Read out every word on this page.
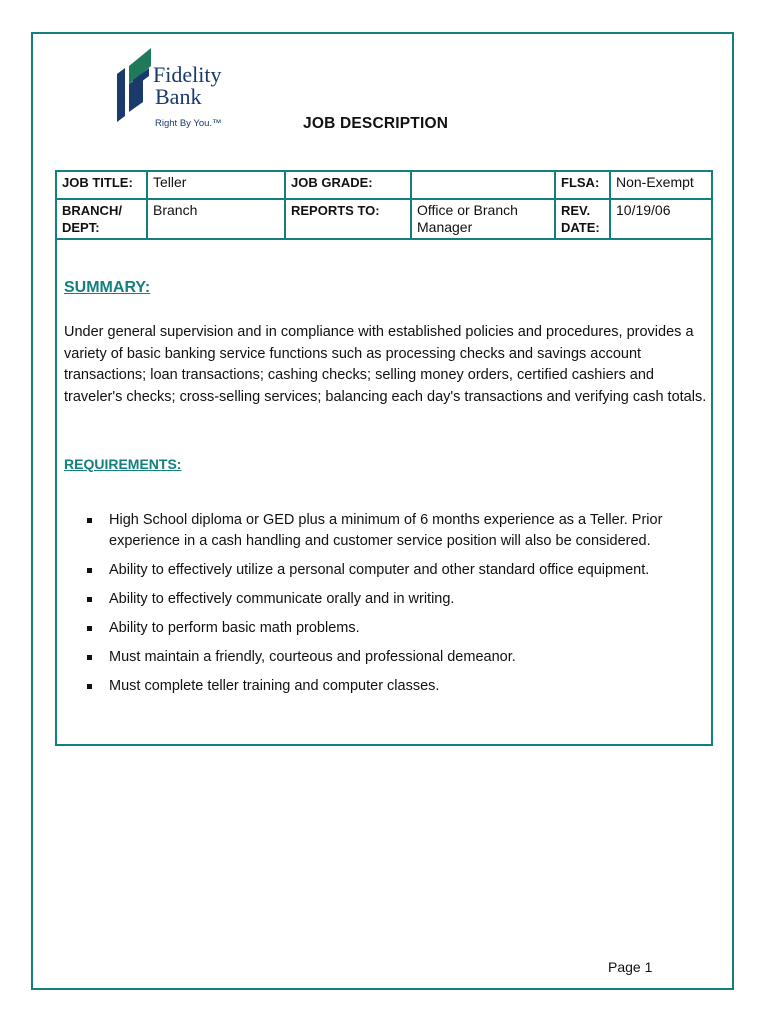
Fidelity
Bank
Right By You.™	JOB DESCRIPTION
JOB TITLE:	Teller	JOB GRADE:		FLSA:	Non-Exempt
BRANCH/ DEPT:	Branch	REPORTS TO:	Office or Branch Manager	REV. DATE:	10/19/06
SUMMARY:
Under general supervision and in compliance with established policies and procedures, provides a variety of basic banking service functions such as processing checks and savings account transactions; loan transactions; cashing checks; selling money orders, certified cashiers and traveler's checks; cross-selling services; balancing each day's transactions and verifying cash totals.
REQUIREMENTS:
High School diploma or GED plus a minimum of 6 months experience as a Teller. Prior experience in a cash handling and customer service position will also be considered.
Ability to effectively utilize a personal computer and other standard office equipment.
Ability to effectively communicate orally and in writing.
Ability to perform basic math problems.
Must maintain a friendly, courteous and professional demeanor.
Must complete teller training and computer classes.
Page 1
